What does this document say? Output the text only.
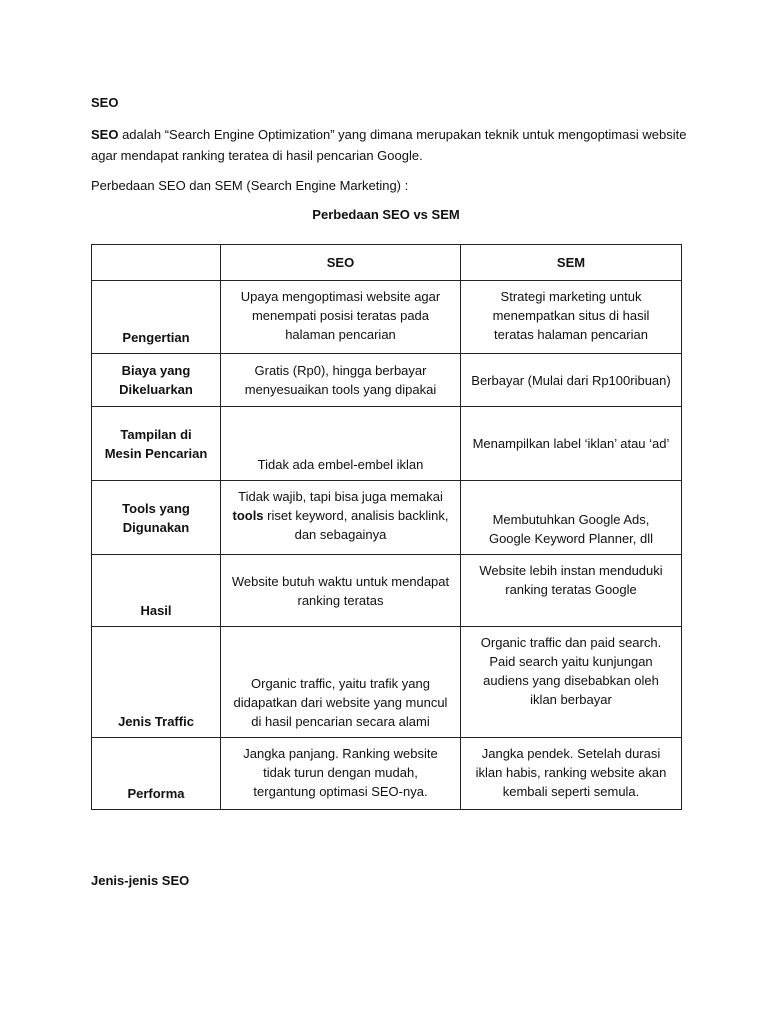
SEO
SEO adalah “Search Engine Optimization” yang dimana merupakan teknik untuk mengoptimasi website agar mendapat ranking teratea di hasil pencarian Google.
Perbedaan SEO dan SEM (Search Engine Marketing) :
Perbedaan SEO vs SEM
	SEO	SEM
Pengertian	Upaya mengoptimasi website agar menempati posisi teratas pada halaman pencarian	Strategi marketing untuk menempatkan situs di hasil teratas halaman pencarian
Biaya yang Dikeluarkan	Gratis (Rp0), hingga berbayar menyesuaikan tools yang dipakai	Berbayar (Mulai dari Rp100ribuan)
Tampilan di Mesin Pencarian	Tidak ada embel-embel iklan	Menampilkan label ‘iklan’ atau ‘ad’
Tools yang Digunakan	Tidak wajib, tapi bisa juga memakai tools riset keyword, analisis backlink, dan sebagainya	Membutuhkan Google Ads, Google Keyword Planner, dll
Hasil	Website butuh waktu untuk mendapat ranking teratas	Website lebih instan menduduki ranking teratas Google
Jenis Traffic	Organic traffic, yaitu trafik yang didapatkan dari website yang muncul di hasil pencarian secara alami	Organic traffic dan paid search. Paid search yaitu kunjungan audiens yang disebabkan oleh iklan berbayar
Performa	Jangka panjang. Ranking website tidak turun dengan mudah, tergantung optimasi SEO-nya.	Jangka pendek. Setelah durasi iklan habis, ranking website akan kembali seperti semula.
Jenis-jenis SEO
